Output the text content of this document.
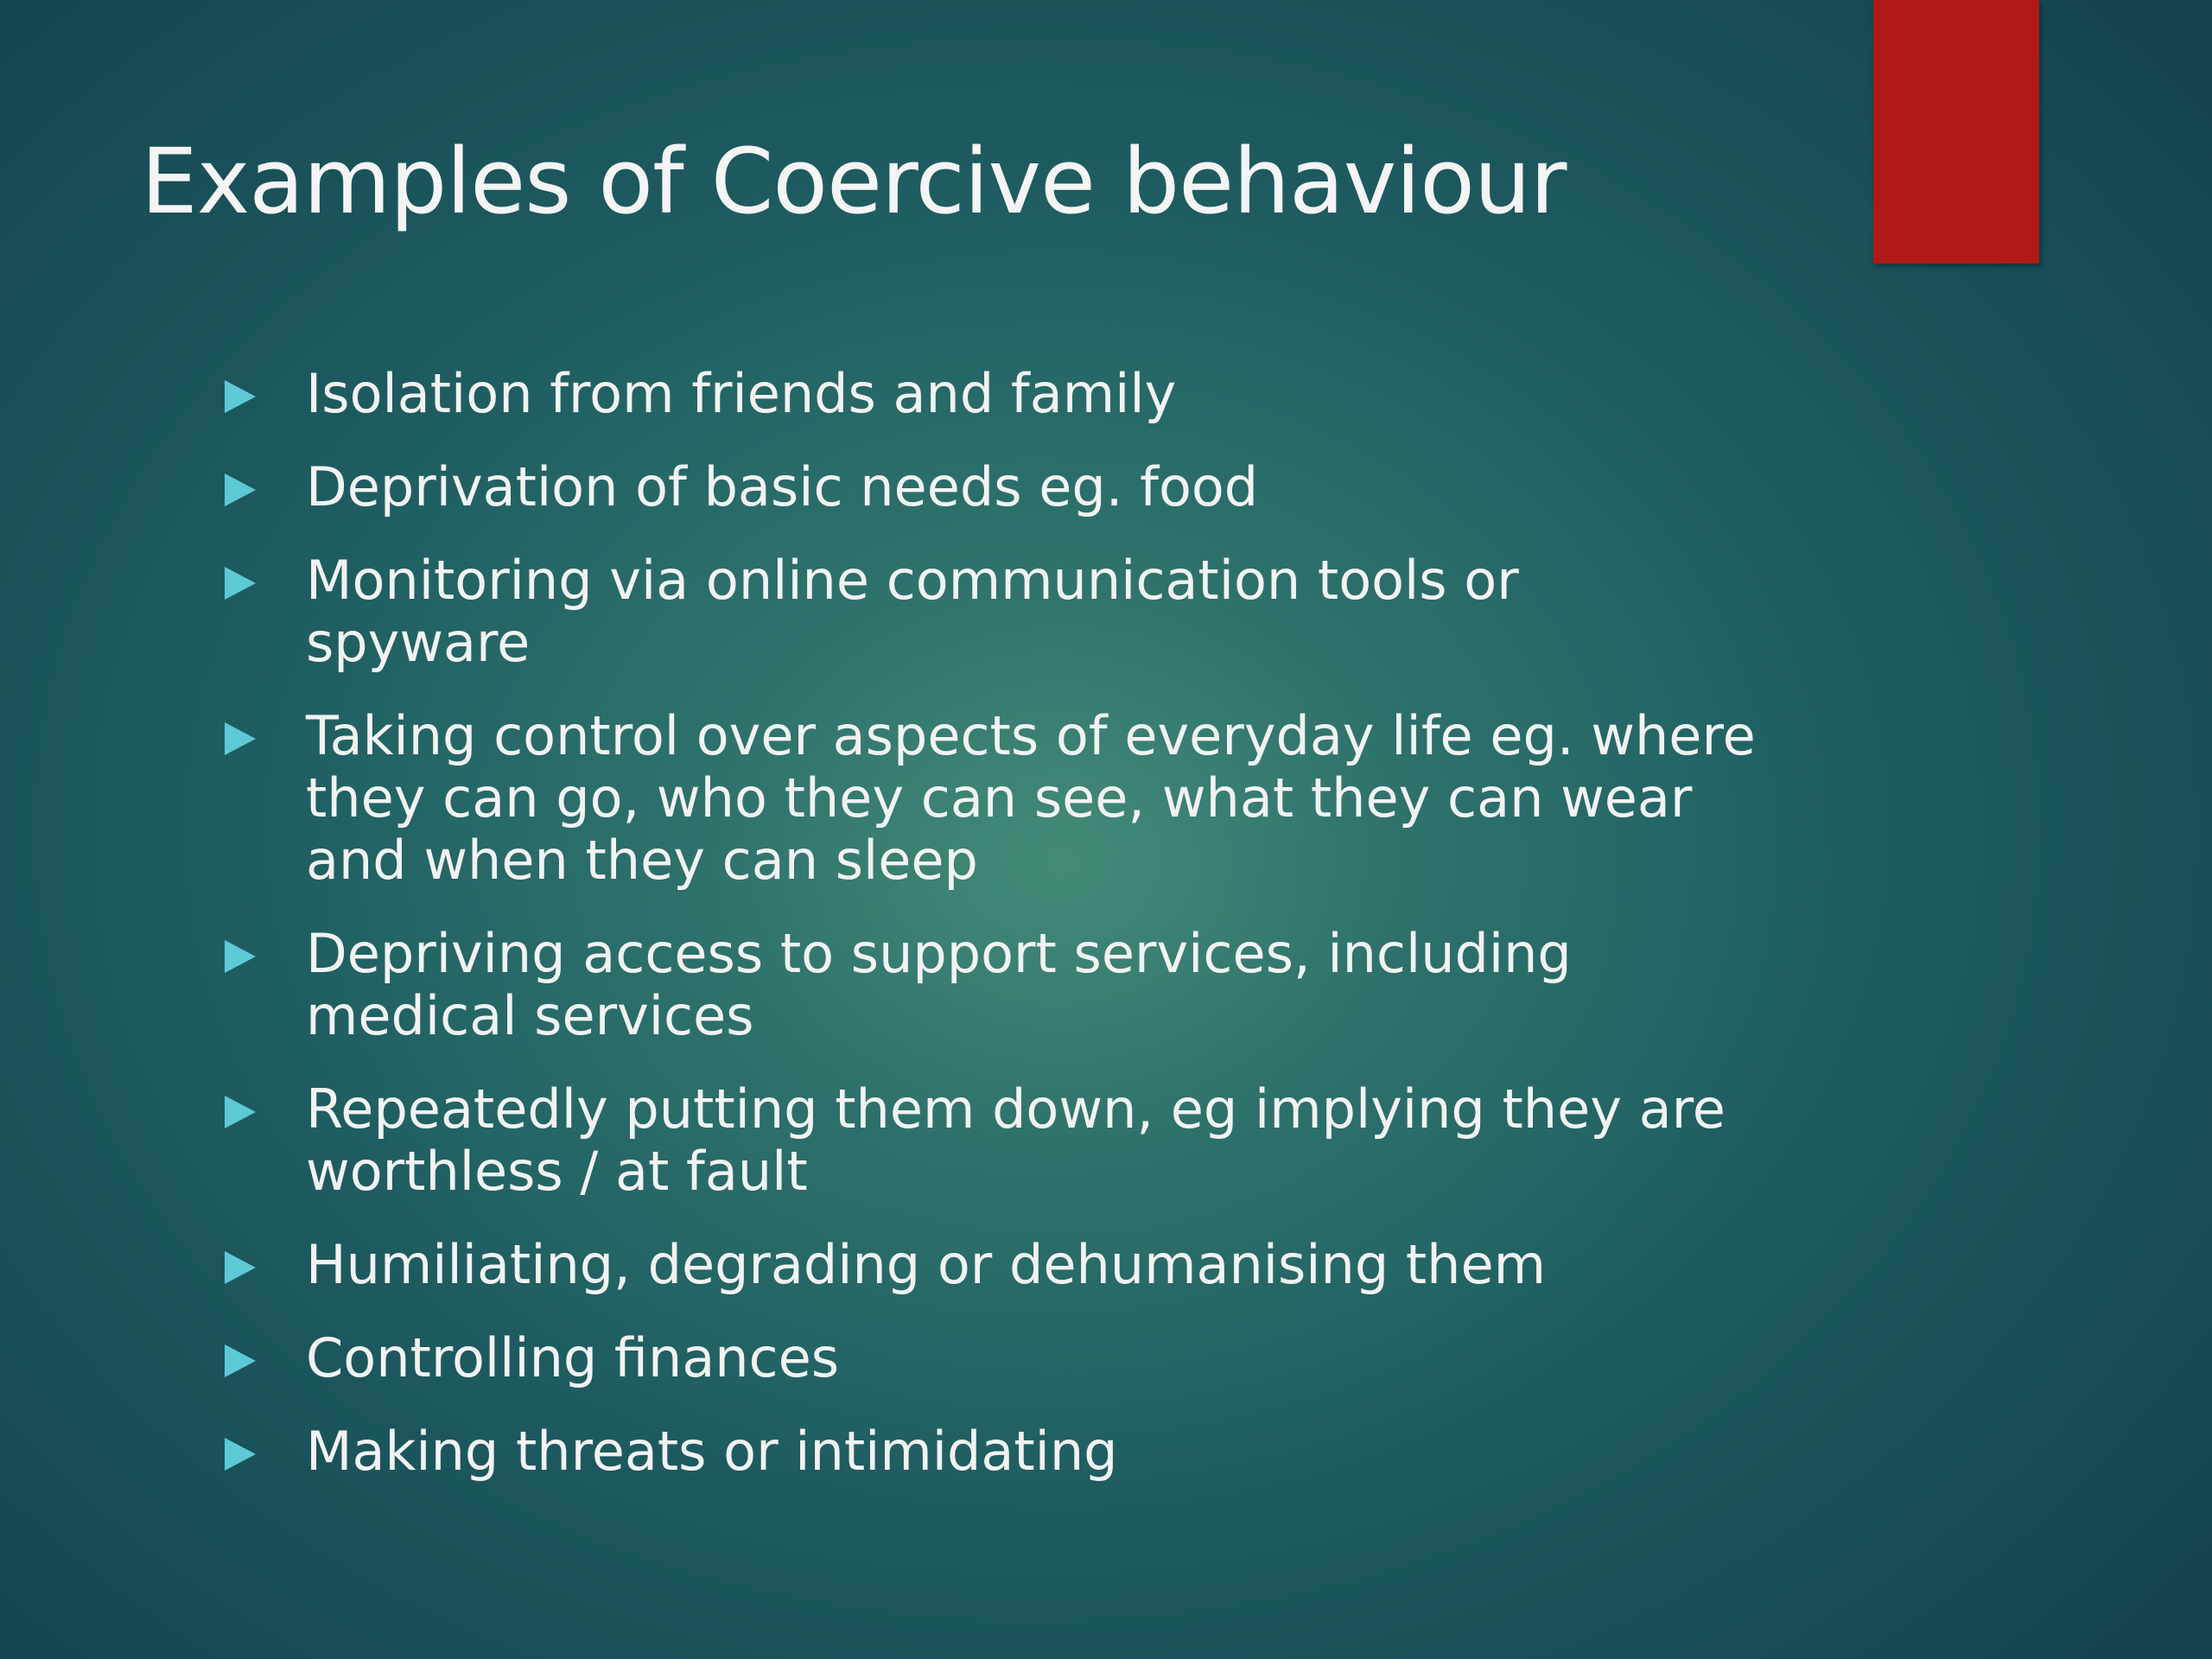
Examples of Coercive behaviour
Isolation from friends and family
Deprivation of basic needs eg. food
Monitoring via online communication tools or spyware
Taking control over aspects of everyday life eg. where they can go, who they can see, what they can wear and when they can sleep
Depriving access to support services, including medical services
Repeatedly putting them down, eg implying they are worthless / at fault
Humiliating, degrading or dehumanising them
Controlling finances
Making threats or intimidating
